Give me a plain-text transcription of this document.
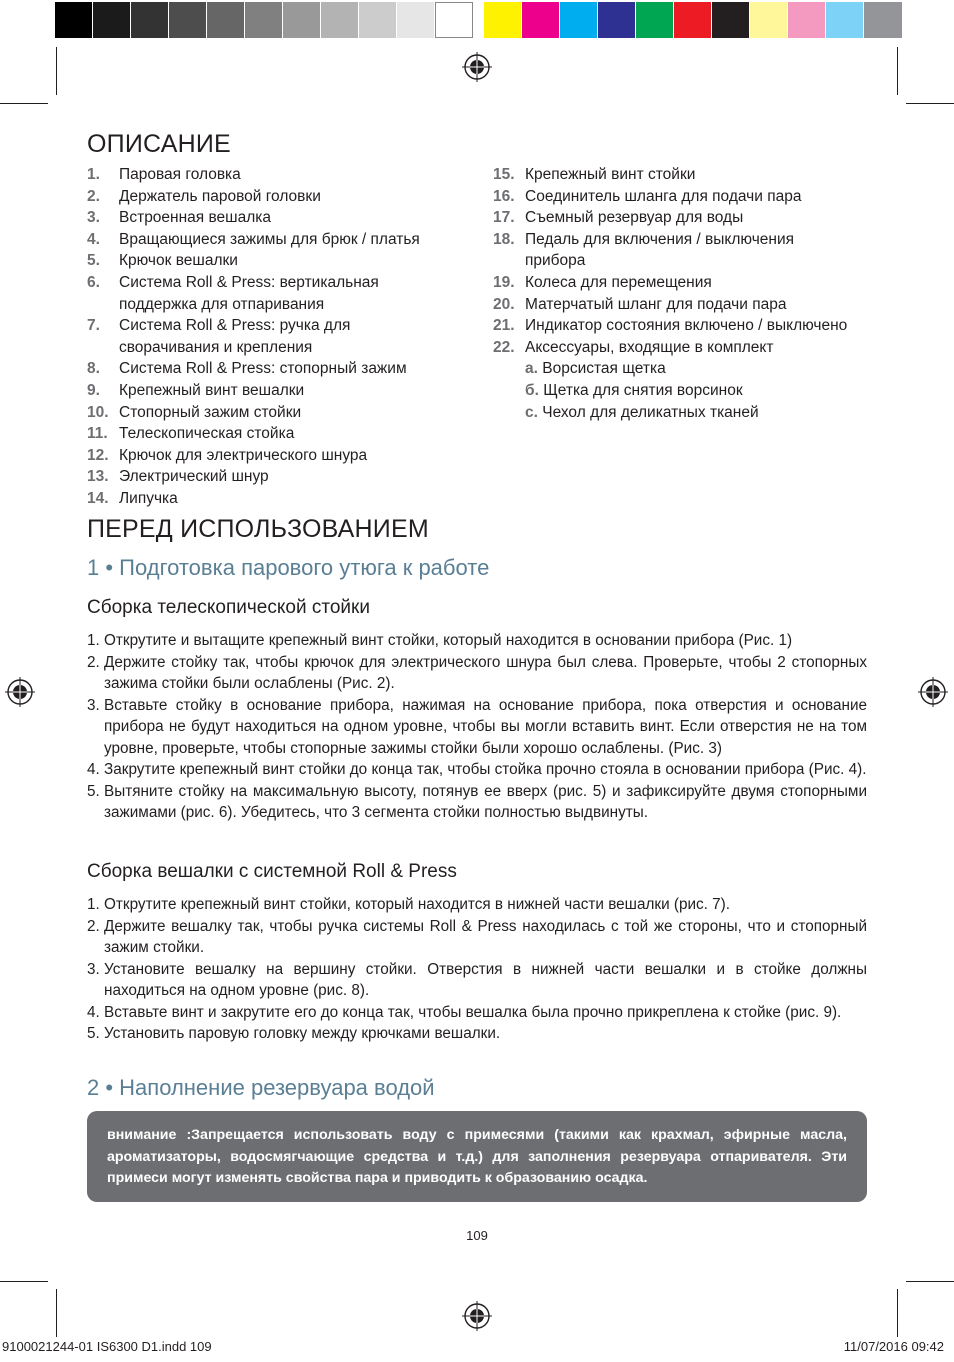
ОПИСАНИЕ
1.	Паровая головка
2.	Держатель паровой головки
3.	Встроенная вешалка
4.	Вращающиеся зажимы для брюк / платья
5.	Крючок вешалки
6.	Система Roll & Press: вертикальная поддержка для отпаривания
7.	Система Roll & Press: ручка для сворачивания и крепления
8.	Система Roll & Press: стопорный зажим
9.	Крепежный винт вешалки
10. Стопорный зажим стойки
11. Телескопическая стойка
12. Крючок для электрического шнура
13. Электрический шнур
14. Липучка
15. Крепежный винт стойки
16. Соединитель шланга для подачи пара
17. Съемный резервуар для воды
18. Педаль для включения / выключения прибора
19. Колеса для перемещения
20. Матерчатый шланг для подачи пара
21. Индикатор состояния включено / выключено
22. Аксессуары, входящие в комплект
a.
Ворсистая щетка
б.
Щетка для снятия ворсинок
c.
Чехол для деликатных тканей
ПЕРЕД ИСПОЛЬЗОВАНИЕМ
1 • Подготовка парового утюга к работе
Сборка телескопической стойки
1. Открутите и вытащите крепежный винт стойки, который находится в основании прибора (Рис. 1)
2. Держите стойку так, чтобы крючок для электрического шнура был слева. Проверьте, чтобы 2 стопорных зажима стойки были ослаблены (Рис. 2).
3. Вставьте стойку в основание прибора, нажимая на основание прибора, пока отверстия и основание прибора не будут находиться на одном уровне, чтобы вы могли вставить винт. Если отверстия не на том уровне, проверьте, чтобы стопорные зажимы стойки были хорошо ослаблены. (Рис. 3)
4. Закрутите крепежный винт стойки до конца так, чтобы стойка прочно стояла в основании прибора (Рис. 4).
5. Вытяните стойку на максимальную высоту, потянув ее вверх (рис. 5) и зафиксируйте двумя стопорными зажимами (рис. 6). Убедитесь, что 3 сегмента стойки полностью выдвинуты.
Сборка вешалки с системной Roll & Press
1. Открутите крепежный винт стойки, который находится в нижней части вешалки (рис. 7).
2. Держите вешалку так, чтобы ручка системы Roll & Press находилась с той же стороны, что и стопорный зажим стойки.
3. Установите вешалку на вершину стойки. Отверстия в нижней части вешалки и в стойке должны находиться на одном уровне (рис. 8).
4. Вставьте винт и закрутите его до конца так, чтобы вешалка была прочно прикреплена к стойке (рис. 9).
5. Установить паровую головку между крючками вешалки.
2 • Наполнение резервуара водой
внимание :Запрещается использовать воду с примесями (такими как крахмал, эфирные масла, ароматизаторы, водосмягчающие средства и т.д.) для заполнения резервуара отпаривателя. Эти примеси могут изменять свойства пара и приводить к образованию осадка.
109
9100021244-01 IS6300 D1.indd 109	11/07/2016 09:42
